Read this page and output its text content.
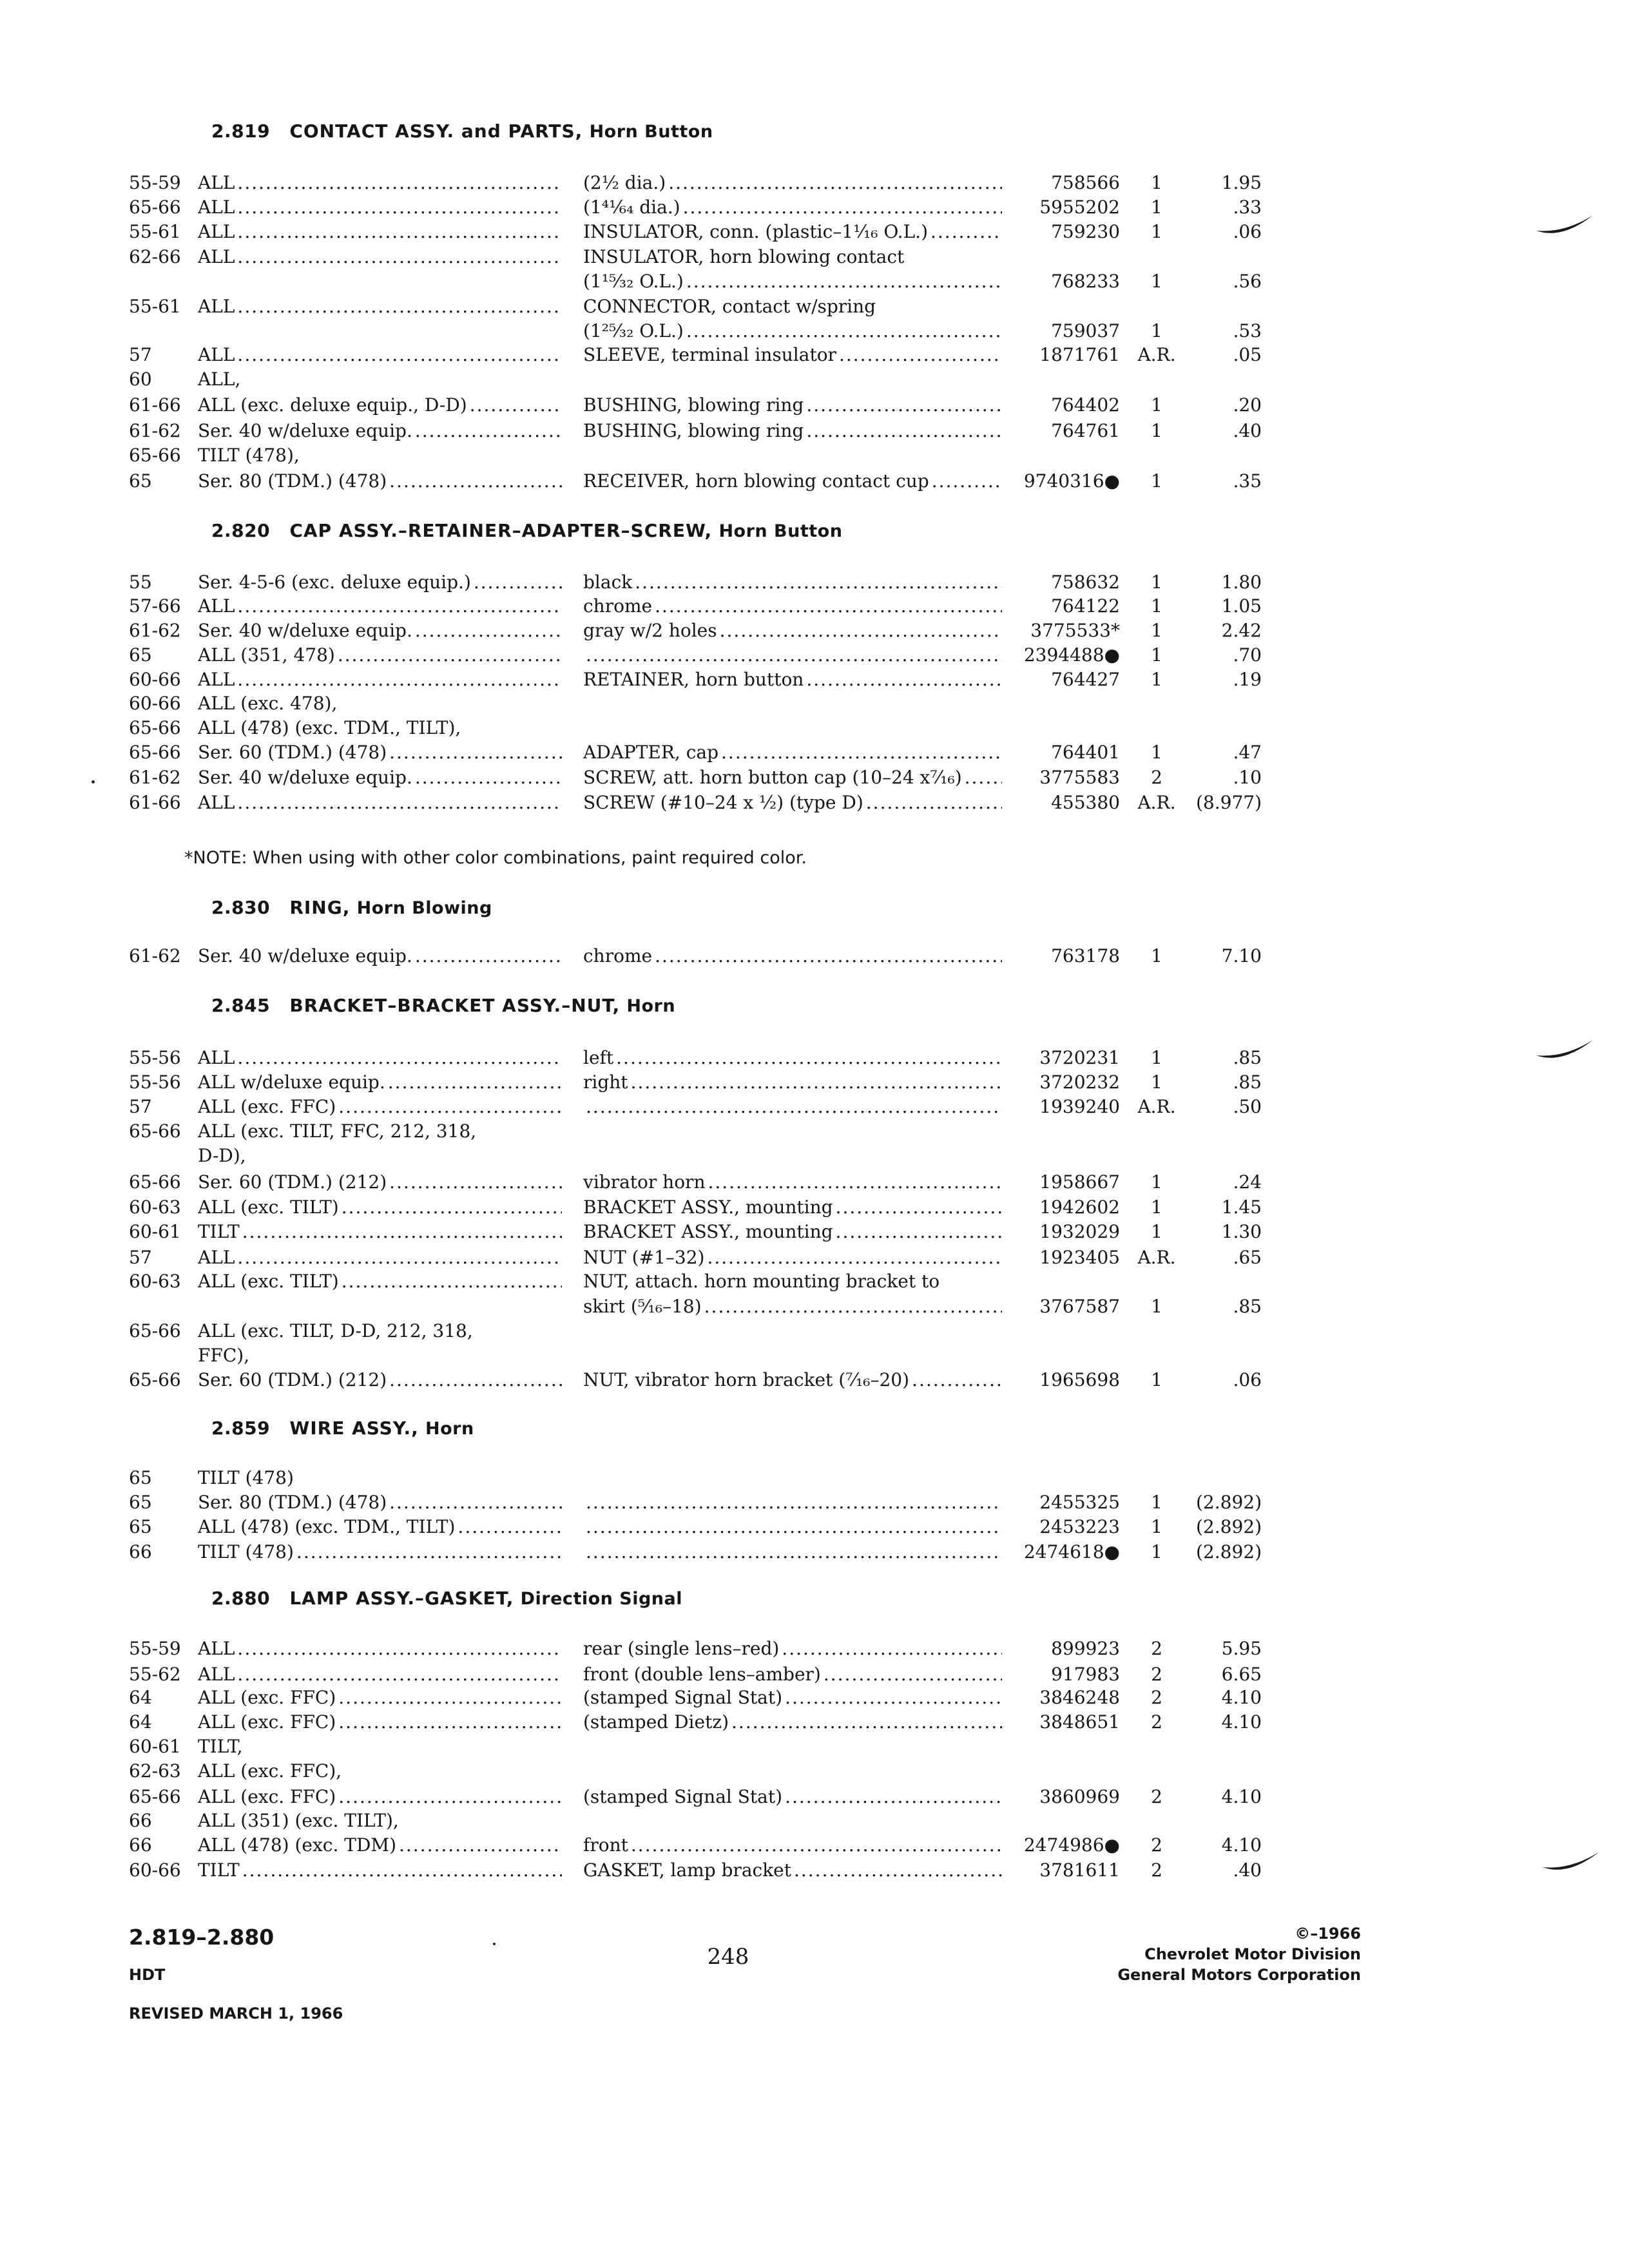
2.819 CONTACT ASSY. and PARTS, Horn Button
55-59 ALL .....	(2½ dia.) .....	758566	1	1.95
65-66 ALL .....	(1⁴¹⁄₆₄ dia.) .....	5955202	1	.33
55-61 ALL .....	INSULATOR, conn. (plastic–1¹⁄₁₆ O.L.) .....	759230	1	.06
62-66 ALL .....	INSULATOR, horn blowing contact
(1¹⁵⁄₃₂ O.L.) .....	768233	1	.56
55-61 ALL .....	CONNECTOR, contact w/spring
(1²⁵⁄₃₂ O.L.) .....	759037	1	.53
57	ALL .....	SLEEVE, terminal insulator .....	1871761 A.R.	.05
60	ALL,
61-66 ALL (exc. deluxe equip., D-D) .....	BUSHING, blowing ring .....	764402	1	.20
61-62 Ser. 40 w/deluxe equip. .....	BUSHING, blowing ring .....	764761	1	.40
65-66 TILT (478),
65	Ser. 80 (TDM.) (478) .....	RECEIVER, horn blowing contact cup .....	9740316●	1	.35
2.820 CAP ASSY.–RETAINER–ADAPTER–SCREW, Horn Button
55	Ser. 4-5-6 (exc. deluxe equip.) .....	black .....	758632	1	1.80
57-66 ALL .....	chrome .....	764122	1	1.05
61-62 Ser. 40 w/deluxe equip. .....	gray w/2 holes .....	3775533*	1	2.42
65	ALL (351, 478) ..... .....	2394488●	1	.70
60-66 ALL .....	RETAINER, horn button .....	764427	1	.19
60-66 ALL (exc. 478),
65-66 ALL (478) (exc. TDM., TILT),
65-66 Ser. 60 (TDM.) (478) .....	ADAPTER, cap .....	764401	1	.47
61-62 Ser. 40 w/deluxe equip. .....	SCREW, att. horn button cap (10–24 x⁷⁄₁₆) .....	3775583	2	.10
61-66 ALL .....	SCREW (#10–24 x ½) (type D) .....	455380 A.R.	(8.977)
*NOTE: When using with other color combinations, paint required color.
2.830 RING, Horn Blowing
61-62 Ser. 40 w/deluxe equip. .....	chrome .....	763178	1	7.10
2.845 BRACKET–BRACKET ASSY.–NUT, Horn
55-56 ALL .....	left .....	3720231	1	.85
55-56 ALL w/deluxe equip. .....	right .....	3720232	1	.85
57	ALL (exc. FFC) ..... .....	1939240 A.R.	.50
65-66 ALL (exc. TILT, FFC, 212, 318,
D-D),
65-66 Ser. 60 (TDM.) (212) .....	vibrator horn .....	1958667	1	.24
60-63 ALL (exc. TILT) .....	BRACKET ASSY., mounting .....	1942602	1	1.45
60-61 TILT .....	BRACKET ASSY., mounting .....	1932029	1	1.30
57	ALL .....	NUT (#1–32) .....	1923405 A.R.	.65
60-63 ALL (exc. TILT) .....	NUT, attach. horn mounting bracket to
skirt (⁵⁄₁₆–18) .....	3767587	1	.85
65-66 ALL (exc. TILT, D-D, 212, 318,
FFC),
65-66 Ser. 60 (TDM.) (212) .....	NUT, vibrator horn bracket (⁷⁄₁₆–20) .....	1965698	1	.06
2.859 WIRE ASSY., Horn
65	TILT (478)
65	Ser. 80 (TDM.) (478) ..... .....	2455325	1	(2.892)
65	ALL (478) (exc. TDM., TILT) ..... .....	2453223	1	(2.892)
66	TILT (478) ..... .....	2474618●	1	(2.892)
2.880 LAMP ASSY.–GASKET, Direction Signal
55-59 ALL .....	rear (single lens–red) .....	899923	2	5.95
55-62 ALL .....	front (double lens–amber) .....	917983	2	6.65
64	ALL (exc. FFC) .....	(stamped Signal Stat) .....	3846248	2	4.10
64	ALL (exc. FFC) .....	(stamped Dietz) .....	3848651	2	4.10
60-61 TILT,
62-63 ALL (exc. FFC),
65-66 ALL (exc. FFC) .....	(stamped Signal Stat) .....	3860969	2	4.10
66	ALL (351) (exc. TILT),
66	ALL (478) (exc. TDM) .....	front .....	2474986●	2	4.10
60-66 TILT .....	GASKET, lamp bracket .....	3781611	2	.40
2.819–2.880
HDT
REVISED MARCH 1, 1966
248
©–1966
Chevrolet Motor Division
General Motors Corporation
